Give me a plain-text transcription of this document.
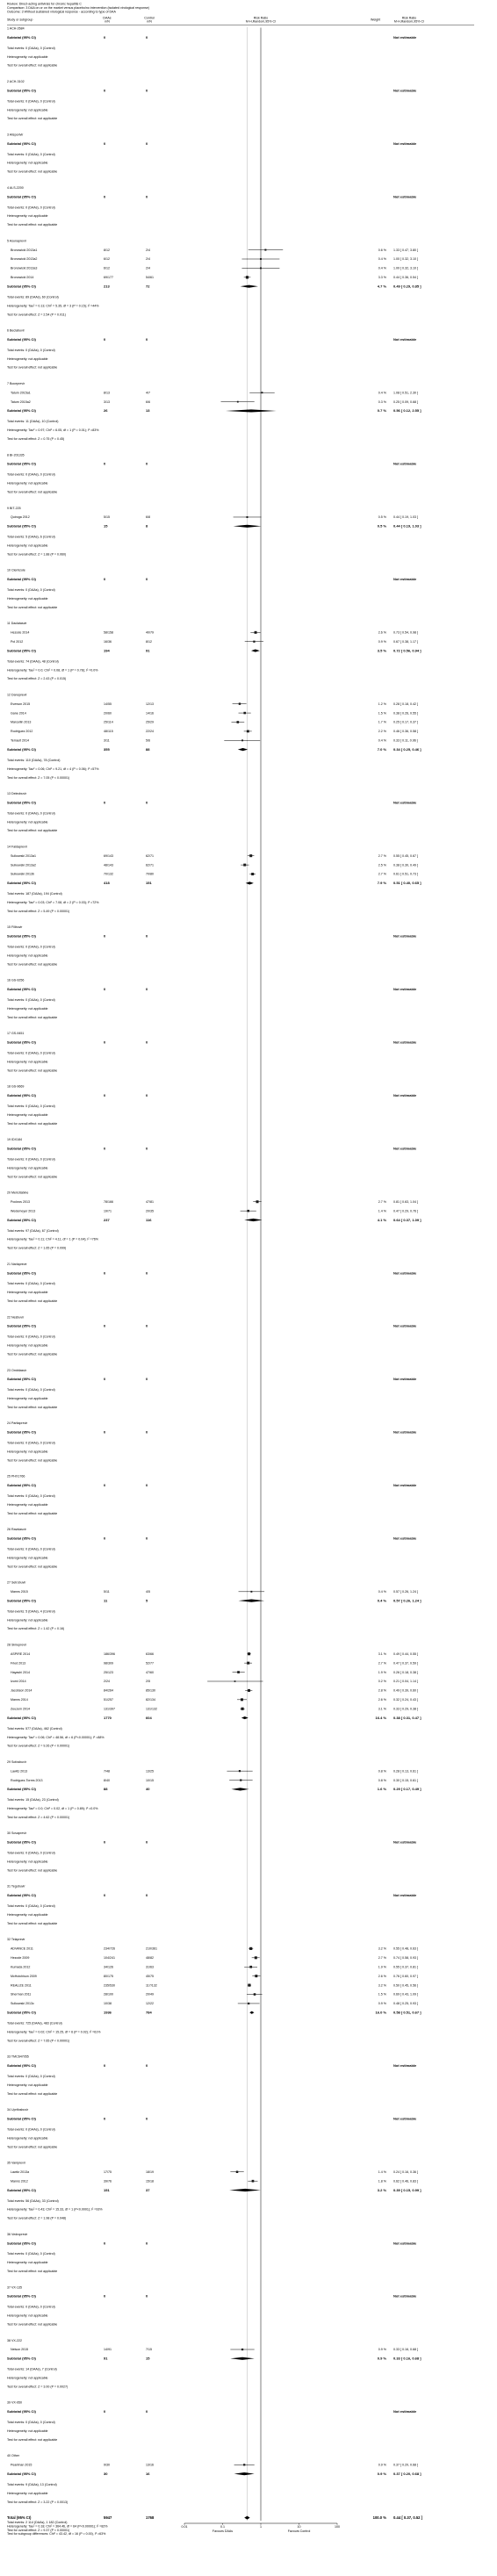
Review: Direct-acting antivirals for chronic hepatitis C
Comparison: 3 DAA on or on the market versus placebo/no intervention (isolated virological response)
Outcome: 3 Without sustained virological response - according to type of DAA
Study or subgroup	DAAs
n/N
Control
n/N
Risk Ratio
M-H,Random,95% CI	Weight	Risk Ratio
M-H,Random,95% CI
1 ACH-2684
Subtotal (95% CI)	0	0	Not estimable
Total events: 0 (DAAs), 0 (Control)
Heterogeneity: not applicable
Test for overall effect: not applicable
2 ACH-3102
Subtotal (95% CI)	0	0	Not estimable
Total events: 0 (DAAs), 0 (Control)
Heterogeneity: not applicable
Test for overall effect: not applicable
3 Alisporivir
Subtotal (95% CI)	0	0	Not estimable
Total events: 0 (DAAs), 0 (Control)
Heterogeneity: not applicable
Test for overall effect: not applicable
4 ALS-2200
Subtotal (95% CI)	0	0	Not estimable
Total events: 0 (DAAs), 0 (Control)
Heterogeneity: not applicable
Test for overall effect: not applicable
5 Asunaprevir
Bronowicki 2013a1	8/12	2/4	0.6 % 1.33 [ 0.47, 3.80 ]
Bronowicki 2013a2	6/12	2/4	0.4 % 1.00 [ 0.32, 3.10 ]
Bronowicki 2013a3	6/12	2/4	0.4 % 1.00 [ 0.32, 3.10 ]
Bronowicki 2014	69/177	54/61	3.3 % 0.44 [ 0.36, 0.54 ]
Subtotal (95% CI)	213	72	4.7 % 0.49 [ 0.29, 0.85 ]
Total events: 89 (DAAs), 60 (Control)
Heterogeneity: Tau² = 0.13; Chi² = 5.35, df = 3 (P = 0.15); I² =44%
Test for overall effect: Z = 2.54 (P = 0.011)
6 Beclabuvir
Subtotal (95% CI)	0	0	Not estimable
Total events: 0 (DAAs), 0 (Control)
Heterogeneity: not applicable
Test for overall effect: not applicable
7 Boceprevir
Tatum 2015a1	8/13	4/7	0.4 % 1.08 [ 0.51, 2.30 ]
Tatum 2015a2	3/13	6/6	0.3 % 0.25 [ 0.09, 0.68 ]
Subtotal (95% CI)	26	13	0.7 % 0.56 [ 0.12, 2.55 ]
Total events: 11 (DAAs), 10 (Control)
Heterogeneity: Tau² = 0.97; Chi² = 6.05, df = 1 (P = 0.01); I² =83%
Test for overall effect: Z = 0.75 (P = 0.45)
8 BI-201335
Subtotal (95% CI)	0	0	Not estimable
Total events: 0 (DAAs), 0 (Control)
Heterogeneity: not applicable
Test for overall effect: not applicable
9 BIT-225
Quiroga 2012	5/15	6/8	0.5 % 0.44 [ 0.19, 1.03 ]
Subtotal (95% CI)	15	8	0.5 % 0.44 [ 0.19, 1.03 ]
Total events: 5 (DAAs), 6 (Control)
Heterogeneity: not applicable
Test for overall effect: Z = 1.88 (P = 0.060)
10 Clemizole
Subtotal (95% CI)	0	0	Not estimable
Total events: 0 (DAAs), 0 (Control)
Heterogeneity: not applicable
Test for overall effect: not applicable
11 Daclatasvir
Hezode 2014	58/158	40/79	2.6 % 0.73 [ 0.54, 0.98 ]
Pol 2012	16/36	8/12	0.9 % 0.67 [ 0.38, 1.17 ]
Subtotal (95% CI)	194	91	3.5 % 0.72 [ 0.56, 0.94 ]
Total events: 74 (DAAs), 48 (Control)
Heterogeneity: Tau² = 0.0; Chi² = 0.08, df = 1 (P = 0.78); I² =0.0%
Test for overall effect: Z = 2.43 (P = 0.015)
12 Danoprevir
Everson 2015	14/55	12/13	1.2 % 0.28 [ 0.18, 0.42 ]
Gane 2014	20/60	14/16	1.5 % 0.38 [ 0.26, 0.55 ]
Marcellin 2013	25/114	25/29	1.7 % 0.25 [ 0.17, 0.37 ]
Rodriguez 2012	48/115	22/24	2.2 % 0.46 [ 0.36, 0.58 ]
Terrault 2014	3/11	5/6	0.4 % 0.33 [ 0.11, 0.96 ]
Subtotal (95% CI)	355	88	7.0 % 0.34 [ 0.25, 0.46 ]
Total events: 110 (DAAs), 78 (Control)
Heterogeneity: Tau² = 0.06; Chi² = 9.21, df = 4 (P = 0.06); I² =57%
Test for overall effect: Z = 7.05 (P < 0.00001)
13 Deleobuvir
Subtotal (95% CI)	0	0	Not estimable
Total events: 0 (DAAs), 0 (Control)
Heterogeneity: not applicable
Test for overall effect: not applicable
14 Faldaprevir
Sulkowski 2013a1	69/143	62/71	2.7 % 0.55 [ 0.45, 0.67 ]
Sulkowski 2013a2	48/143	62/71	2.5 % 0.38 [ 0.30, 0.49 ]
Sulkowski 2013b	70/132	70/80	2.7 % 0.61 [ 0.51, 0.73 ]
Subtotal (95% CI)	418	151	7.9 % 0.51 [ 0.40, 0.65 ]
Total events: 187 (DAAs), 194 (Control)
Heterogeneity: Tau² = 0.03; Chi² = 7.08, df = 2 (P = 0.03); I² =72%
Test for overall effect: Z = 5.49 (P < 0.00001)
15 Filibuvir
Subtotal (95% CI)	0	0	Not estimable
Total events: 0 (DAAs), 0 (Control)
Heterogeneity: not applicable
Test for overall effect: not applicable
16 GS-9256
Subtotal (95% CI)	0	0	Not estimable
Total events: 0 (DAAs), 0 (Control)
Heterogeneity: not applicable
Test for overall effect: not applicable
17 GS-9451
Subtotal (95% CI)	0	0	Not estimable
Total events: 0 (DAAs), 0 (Control)
Heterogeneity: not applicable
Test for overall effect: not applicable
18 GS-9669
Subtotal (95% CI)	0	0	Not estimable
Total events: 0 (DAAs), 0 (Control)
Heterogeneity: not applicable
Test for overall effect: not applicable
19 IDX184
Subtotal (95% CI)	0	0	Not estimable
Total events: 0 (DAAs), 0 (Control)
Heterogeneity: not applicable
Test for overall effect: not applicable
20 Mericitabine
Pockros 2013	78/166	47/81	2.7 % 0.81 [ 0.63, 1.04 ]
Wedemeyer 2013	19/71	20/35	1.4 % 0.47 [ 0.29, 0.76 ]
Subtotal (95% CI)	237	116	4.1 % 0.64 [ 0.37, 1.09 ]
Total events: 97 (DAAs), 67 (Control)
Heterogeneity: Tau² = 0.11; Chi² = 4.11, df = 1 (P = 0.04); I² =76%
Test for overall effect: Z = 1.65 (P = 0.099)
21 Narlaprevir
Subtotal (95% CI)	0	0	Not estimable
Total events: 0 (DAAs), 0 (Control)
Heterogeneity: not applicable
Test for overall effect: not applicable
22 Nesbuvir
Subtotal (95% CI)	0	0	Not estimable
Total events: 0 (DAAs), 0 (Control)
Heterogeneity: not applicable
Test for overall effect: not applicable
23 Ombitasvir
Subtotal (95% CI)	0	0	Not estimable
Total events: 0 (DAAs), 0 (Control)
Heterogeneity: not applicable
Test for overall effect: not applicable
24 Paritaprevir
Subtotal (95% CI)	0	0	Not estimable
Total events: 0 (DAAs), 0 (Control)
Heterogeneity: not applicable
Test for overall effect: not applicable
25 PHX1766
Subtotal (95% CI)	0	0	Not estimable
Total events: 0 (DAAs), 0 (Control)
Heterogeneity: not applicable
Test for overall effect: not applicable
26 Ravidasvir
Subtotal (95% CI)	0	0	Not estimable
Total events: 0 (DAAs), 0 (Control)
Heterogeneity: not applicable
Test for overall effect: not applicable
27 Setrobuvir
Manns 2015	5/11	4/5	0.4 % 0.57 [ 0.26, 1.24 ]
Subtotal (95% CI)	11	5	0.4 % 0.57 [ 0.26, 1.24 ]
Total events: 5 (DAAs), 4 (Control)
Heterogeneity: not applicable
Test for overall effect: Z = 1.42 (P = 0.16)
28 Simeprevir
ASPIRE 2014	186/396	63/66	3.1 % 0.49 [ 0.44, 0.55 ]
Fried 2013	98/309	52/77	2.7 % 0.47 [ 0.37, 0.59 ]
Hayashi 2014	25/123	47/60	1.9 % 0.26 [ 0.18, 0.38 ]
Izumi 2014	2/24	2/5	0.2 % 0.21 [ 0.04, 1.14 ]
Jacobson 2014	84/264	85/130	2.8 % 0.49 [ 0.39, 0.60 ]
Manns 2014	51/257	82/134	2.6 % 0.32 [ 0.24, 0.43 ]
Zeuzem 2014	131/397	131/132	3.1 % 0.33 [ 0.29, 0.38 ]
Subtotal (95% CI)	1770	604	16.4 % 0.38 [ 0.31, 0.47 ]
Total events: 577 (DAAs), 462 (Control)
Heterogeneity: Tau² = 0.06; Chi² = 48.56, df = 6 (P<0.00001); I² =88%
Test for overall effect: Z = 9.26 (P < 0.00001)
29 Sofosbuvir
Lawitz 2013	7/48	13/25	0.8 % 0.28 [ 0.13, 0.61 ]
Rodriguez-Torres 2013	8/40	10/15	0.8 % 0.30 [ 0.15, 0.61 ]
Subtotal (95% CI)	88	40	1.6 % 0.29 [ 0.17, 0.49 ]
Total events: 15 (DAAs), 23 (Control)
Heterogeneity: Tau² = 0.0; Chi² = 0.02, df = 1 (P = 0.89); I² =0.0%
Test for overall effect: Z = 4.62 (P < 0.00001)
30 Sovaprevir
Subtotal (95% CI)	0	0	Not estimable
Total events: 0 (DAAs), 0 (Control)
Heterogeneity: not applicable
Test for overall effect: not applicable
31 Tegobuvir
Subtotal (95% CI)	0	0	Not estimable
Total events: 0 (DAAs), 0 (Control)
Heterogeneity: not applicable
Test for overall effect: not applicable
32 Telaprevir
ADVANCE 2011	234/726	210/361	3.2 % 0.55 [ 0.48, 0.63 ]
Hezode 2009	104/241	48/82	2.7 % 0.74 [ 0.58, 0.93 ]
Kumada 2012	34/126	31/63	1.9 % 0.55 [ 0.37, 0.81 ]
McHutchison 2009	80/175	45/75	2.6 % 0.76 [ 0.60, 0.97 ]
REALIZE 2011	235/530	117/132	3.2 % 0.50 [ 0.45, 0.56 ]
Sherman 2011	28/100	20/49	1.5 % 0.69 [ 0.43, 1.09 ]
Sulkowski 2013c	10/38	12/22	0.9 % 0.48 [ 0.25, 0.93 ]
Subtotal (95% CI)	1936	784	16.0 % 0.58 [ 0.51, 0.67 ]
Total events: 725 (DAAs), 483 (Control)
Heterogeneity: Tau² = 0.02; Chi² = 15.25, df = 6 (P = 0.02); I² =61%
Test for overall effect: Z = 7.65 (P < 0.00001)
33 TMC647055
Subtotal (95% CI)	0	0	Not estimable
Total events: 0 (DAAs), 0 (Control)
Heterogeneity: not applicable
Test for overall effect: not applicable
34 Uprifosbuvir
Subtotal (95% CI)	0	0	Not estimable
Total events: 0 (DAAs), 0 (Control)
Heterogeneity: not applicable
Test for overall effect: not applicable
35 Vaniprevir
Lawitz 2013a	17/75	18/19	1.4 % 0.24 [ 0.16, 0.36 ]
Manns 2012	39/76	15/18	1.8 % 0.62 [ 0.46, 0.83 ]
Subtotal (95% CI)	151	37	3.2 % 0.39 [ 0.15, 0.99 ]
Total events: 56 (DAAs), 33 (Control)
Heterogeneity: Tau² = 0.43; Chi² = 15.33, df = 1 (P<0.0001); I² =93%
Test for overall effect: Z = 1.98 (P = 0.048)
36 Vedroprevir
Subtotal (95% CI)	0	0	Not estimable
Total events: 0 (DAAs), 0 (Control)
Heterogeneity: not applicable
Test for overall effect: not applicable
37 VX-135
Subtotal (95% CI)	0	0	Not estimable
Total events: 0 (DAAs), 0 (Control)
Heterogeneity: not applicable
Test for overall effect: not applicable
38 VX-222
Nelson 2015	14/91	7/15	0.9 % 0.33 [ 0.16, 0.68 ]
Subtotal (95% CI)	91	15	0.9 % 0.33 [ 0.16, 0.68 ]
Total events: 14 (DAAs), 7 (Control)
Heterogeneity: not applicable
Test for overall effect: Z = 3.00 (P = 0.0027)
39 VX-950
Subtotal (95% CI)	0	0	Not estimable
Total events: 0 (DAAs), 0 (Control)
Heterogeneity: not applicable
Test for overall effect: not applicable
40 Other
Pearlman 2015	9/30	13/16	0.9 % 0.37 [ 0.20, 0.68 ]
Subtotal (95% CI)	30	16	0.9 % 0.37 [ 0.20, 0.68 ]
Total events: 9 (DAAs), 13 (Control)
Heterogeneity: not applicable
Test for overall effect: Z = 3.22 (P = 0.0013)
Total (95% CI)	5947	1768	100.0 % 0.44 [ 0.37, 0.52 ]
Total events: 2 114 (DAAs), 1 182 (Control)
Heterogeneity: Tau² = 0.18; Chi² = 364.46, df = 64 (P<0.00001); I² =82%
Test for overall effect: Z = 9.37 (P < 0.00001)
Test for subgroup differences: Chi² = 43.42, df = 16 (P = 0.00), I² =63%
0.01	0.1	1	10	100
Favours DAAs	Favours Control
